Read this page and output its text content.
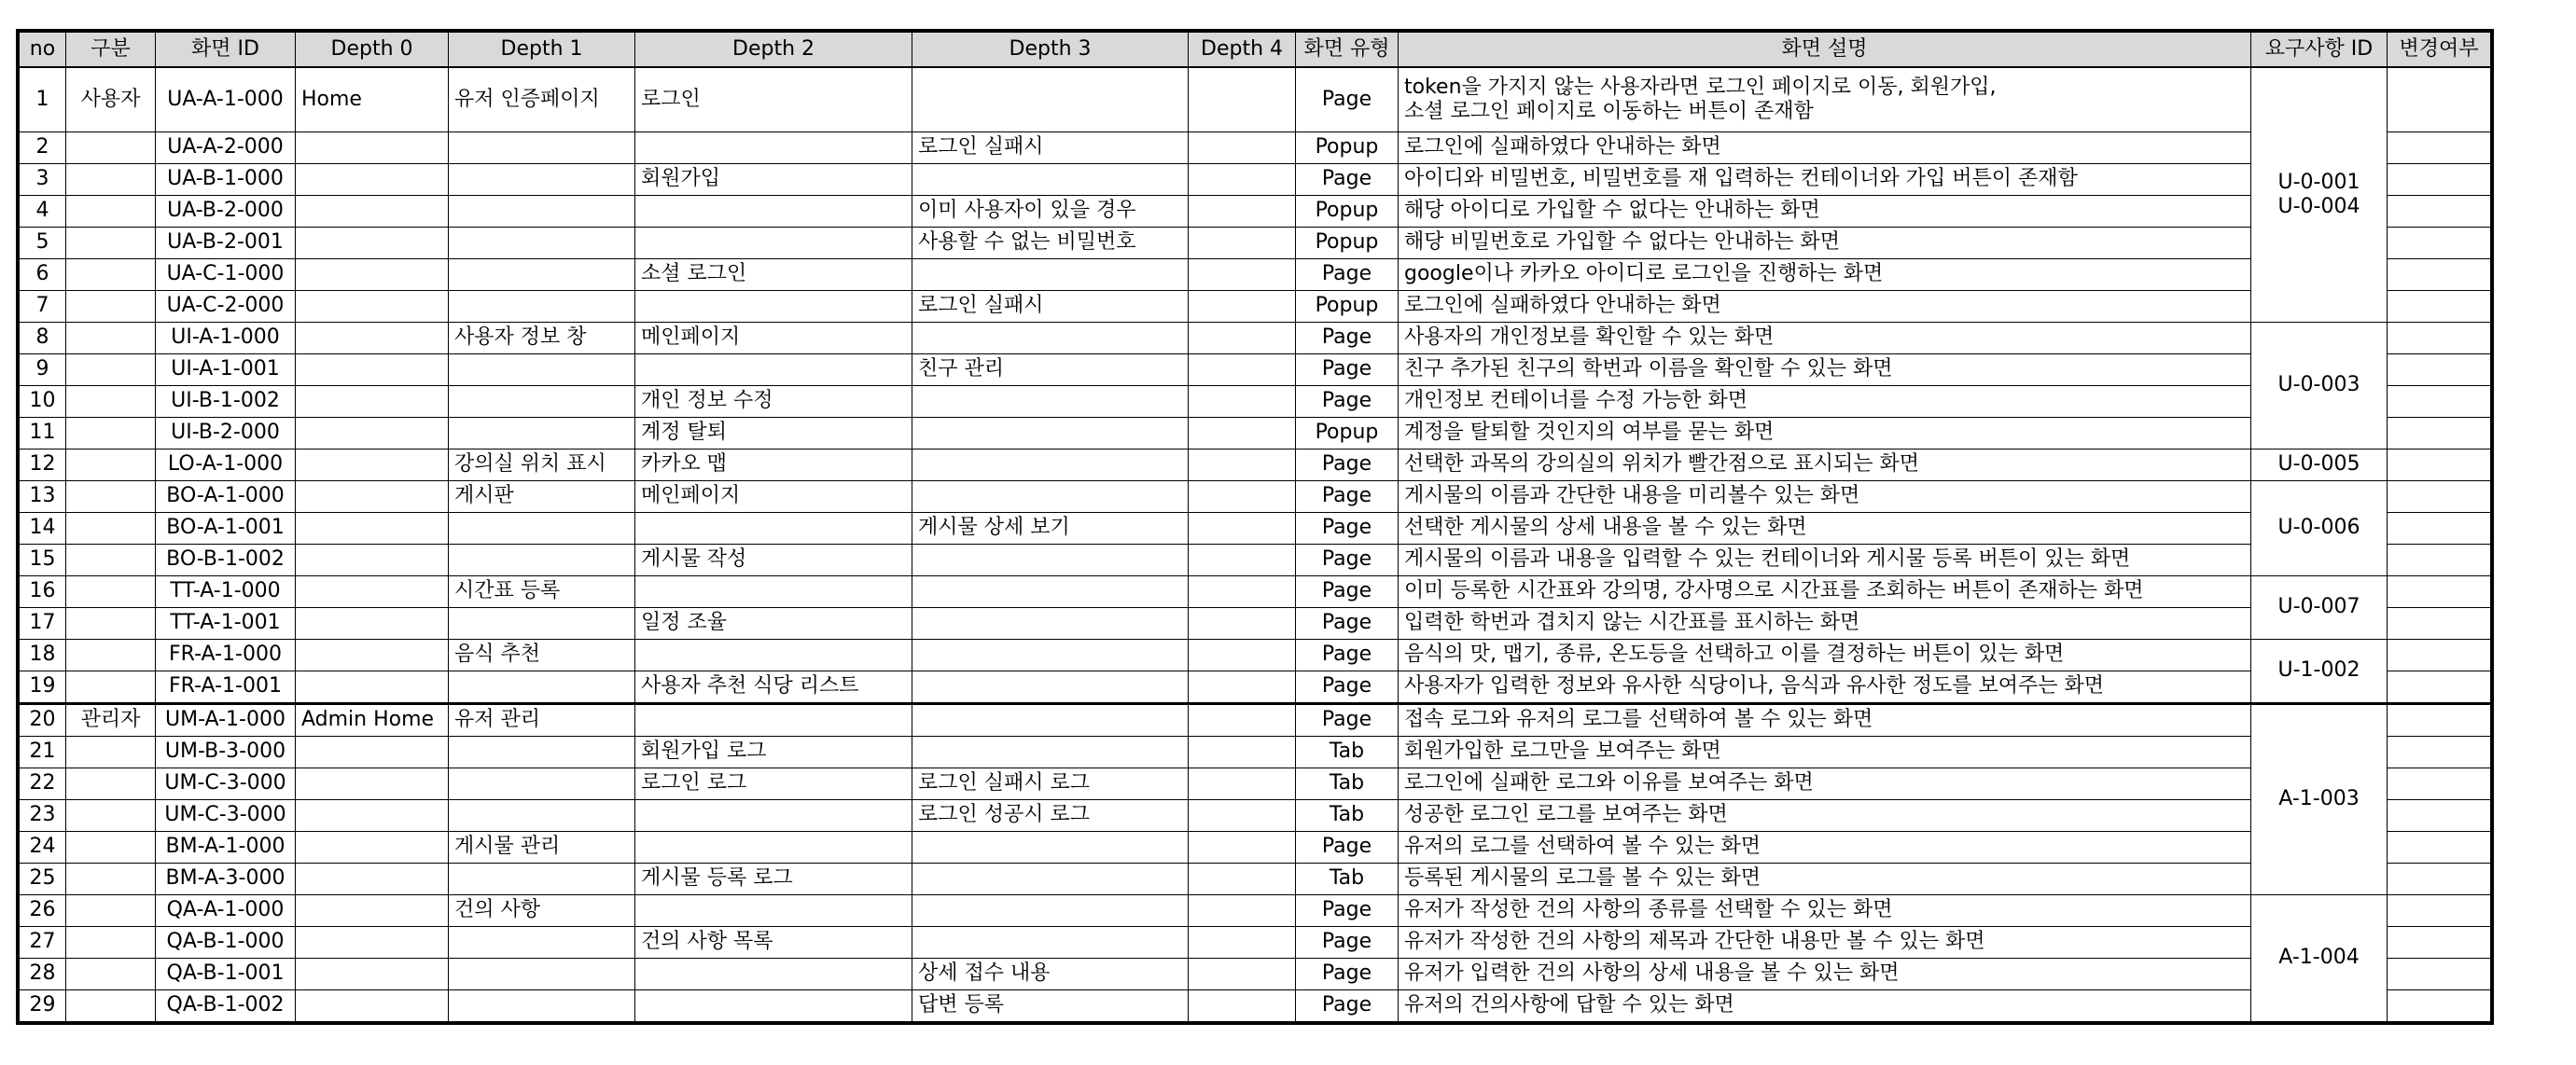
no	구분	화면 ID	Depth 0	Depth 1	Depth 2	Depth 3	Depth 4	화면 유형	화면 설명	요구사항 ID	변경여부
1	사용자	UA-A-1-000	Home	유저 인증페이지	로그인			Page	token을 가지지 않는 사용자라면 로그인 페이지로 이동, 회원가입,
소셜 로그인 페이지로 이동하는 버튼이 존재함	U-0-001
U-0-004	
2		UA-A-2-000				로그인 실패시		Popup	로그인에 실패하였다 안내하는 화면		

3		UA-B-1-000			회원가입			Page	아이디와 비밀번호, 비밀번호를 재 입력하는 컨테이너와 가입 버튼이 존재함		

4		UA-B-2-000				이미 사용자이 있을 경우		Popup	해당 아이디로 가입할 수 없다는 안내하는 화면		

5		UA-B-2-001				사용할 수 없는 비밀번호		Popup	해당 비밀번호로 가입할 수 없다는 안내하는 화면		

6		UA-C-1-000			소셜 로그인			Page	google이나 카카오 아이디로 로그인을 진행하는 화면		

7		UA-C-2-000				로그인 실패시		Popup	로그인에 실패하였다 안내하는 화면		

8		UI-A-1-000		사용자 정보 창	메인페이지			Page	사용자의 개인정보를 확인할 수 있는 화면	U-0-003	
9		UI-A-1-001				친구 관리		Page	친구 추가된 친구의 학번과 이름을 확인할 수 있는 화면		

10		UI-B-1-002			개인 정보 수정			Page	개인정보 컨테이너를 수정 가능한 화면		

11		UI-B-2-000			계정 탈퇴			Popup	계정을 탈퇴할 것인지의 여부를 묻는 화면		

12		LO-A-1-000		강의실 위치 표시	카카오 맵			Page	선택한 과목의 강의실의 위치가 빨간점으로 표시되는 화면	U-0-005	
13		BO-A-1-000		게시판	메인페이지			Page	게시물의 이름과 간단한 내용을 미리볼수 있는 화면	U-0-006	
14		BO-A-1-001				게시물 상세 보기		Page	선택한 게시물의 상세 내용을 볼 수 있는 화면		

15		BO-B-1-002			게시물 작성			Page	게시물의 이름과 내용을 입력할 수 있는 컨테이너와 게시물 등록 버튼이 있는 화면		

16		TT-A-1-000		시간표 등록				Page	이미 등록한 시간표와 강의명, 강사명으로 시간표를 조회하는 버튼이 존재하는 화면	U-0-007	
17		TT-A-1-001			일정 조율			Page	입력한 학번과 겹치지 않는 시간표를 표시하는 화면		

18		FR-A-1-000		음식 추천				Page	음식의 맛, 맵기, 종류, 온도등을 선택하고 이를 결정하는 버튼이 있는 화면	U-1-002	
19		FR-A-1-001			사용자 추천 식당 리스트			Page	사용자가 입력한 정보와 유사한 식당이나, 음식과 유사한 정도를 보여주는 화면		

20	관리자	UM-A-1-000	Admin Home	유저 관리				Page	접속 로그와 유저의 로그를 선택하여 볼 수 있는 화면	A-1-003	
21		UM-B-3-000			회원가입 로그			Tab	회원가입한 로그만을 보여주는 화면		

22		UM-C-3-000			로그인 로그	로그인 실패시 로그		Tab	로그인에 실패한 로그와 이유를 보여주는 화면		

23		UM-C-3-000				로그인 성공시 로그		Tab	성공한 로그인 로그를 보여주는 화면		

24		BM-A-1-000		게시물 관리				Page	유저의 로그를 선택하여 볼 수 있는 화면		

25		BM-A-3-000			게시물 등록 로그			Tab	등록된 게시물의 로그를 볼 수 있는 화면		

26		QA-A-1-000		건의 사항				Page	유저가 작성한 건의 사항의 종류를 선택할 수 있는 화면	A-1-004	
27		QA-B-1-000			건의 사항 목록			Page	유저가 작성한 건의 사항의 제목과 간단한 내용만 볼 수 있는 화면		

28		QA-B-1-001				상세 접수 내용		Page	유저가 입력한 건의 사항의 상세 내용을 볼 수 있는 화면		

29		QA-B-1-002				답변 등록		Page	유저의 건의사항에 답할 수 있는 화면		
